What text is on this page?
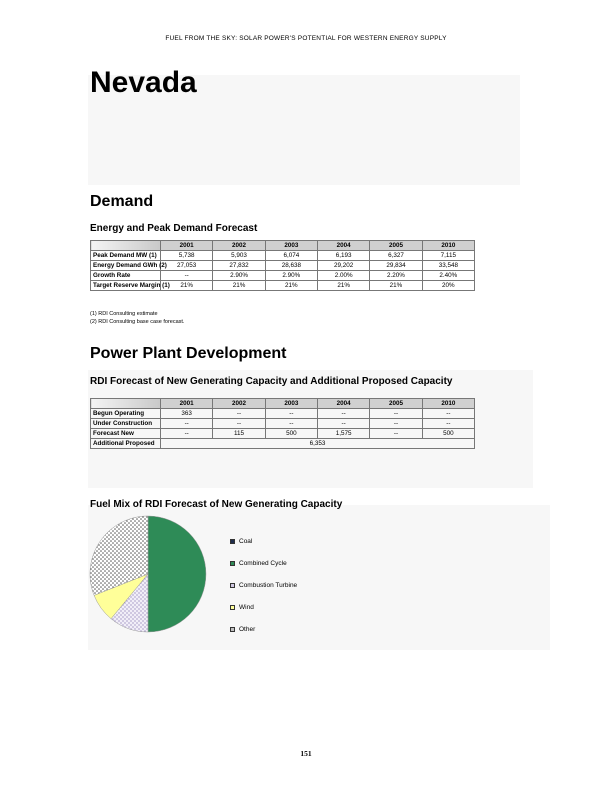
FUEL FROM THE SKY: SOLAR POWER'S POTENTIAL FOR WESTERN ENERGY SUPPLY
Nevada
Demand
Energy and Peak Demand Forecast
	2001	2002	2003	2004	2005	2010
Peak Demand MW (1)	5,738	5,903	6,074	6,193	6,327	7,115
Energy Demand GWh (2)	27,053	27,832	28,638	29,202	29,834	33,548
Growth Rate	--	2.90%	2.90%	2.00%	2.20%	2.40%
Target Reserve Margin (1)	21%	21%	21%	21%	21%	20%
(1) RDI Consulting estimate
(2) RDI Consulting base case forecast.
Power Plant Development
RDI Forecast of New Generating Capacity and Additional Proposed Capacity
	2001	2002	2003	2004	2005	2010
Begun Operating	363	--	--	--	--	--
Under Construction	--	--	--	--	--	--
Forecast New	--	115	500	1,575	--	500
Additional Proposed	6,353					
Fuel Mix of RDI Forecast of New Generating Capacity
Coal
Combined Cycle
Combustion Turbine
Wind
Other
151
